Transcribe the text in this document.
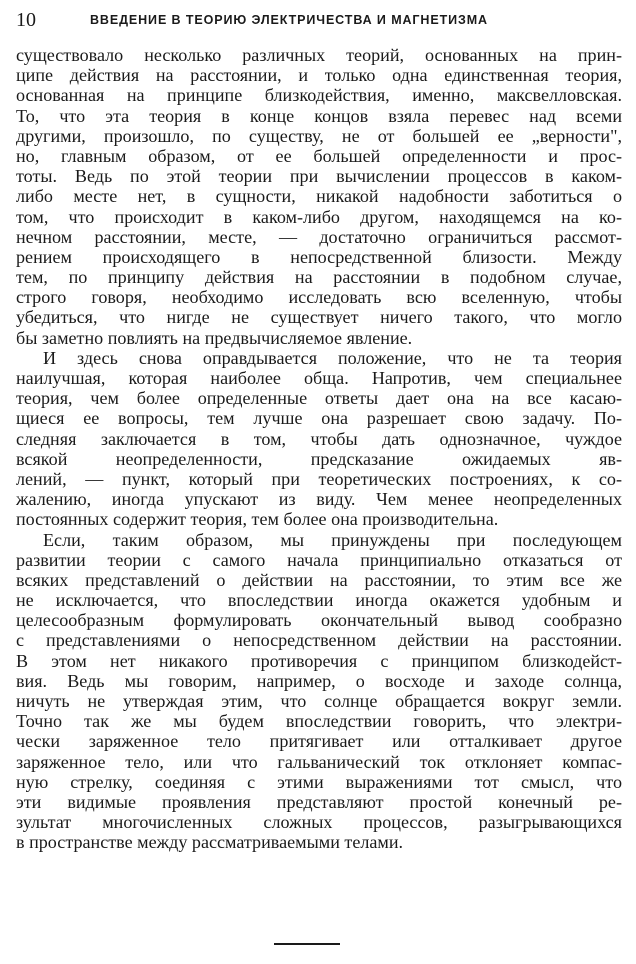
10	ВВЕДЕНИЕ В ТЕОРИЮ ЭЛЕКТРИЧЕСТВА И МАГНЕТИЗМА
существовало несколько различных теорий, основанных на прин-
ципе действия на расстоянии, и только одна единственная теория,
основанная на принципе близкодействия, именно, максвелловская.
То, что эта теория в конце концов взяла перевес над всеми
другими, произошло, по существу, не от большей ее „верности",
но, главным образом, от ее большей определенности и прос-
тоты. Ведь по этой теории при вычислении процессов в каком-
либо месте нет, в сущности, никакой надобности заботиться о
том, что происходит в каком-либо другом, находящемся на ко-
нечном расстоянии, месте, — достаточно ограничиться рассмот-
рением происходящего в непосредственной близости. Между
тем, по принципу действия на расстоянии в подобном случае,
строго говоря, необходимо исследовать всю вселенную, чтобы
убедиться, что нигде не существует ничего такого, что могло
бы заметно повлиять на предвычисляемое явление.
И здесь снова оправдывается положение, что не та теория
наилучшая, которая наиболее обща. Напротив, чем специальнее
теория, чем более определенные ответы дает она на все касаю-
щиеся ее вопросы, тем лучше она разрешает свою задачу. По-
следняя заключается в том, чтобы дать однозначное, чуждое
всякой неопределенности, предсказание ожидаемых яв-
лений, — пункт, который при теоретических построениях, к со-
жалению, иногда упускают из виду. Чем менее неопределенных
постоянных содержит теория, тем более она производительна.
Если, таким образом, мы принуждены при последующем
развитии теории с самого начала принципиально отказаться от
всяких представлений о действии на расстоянии, то этим все же
не исключается, что впоследствии иногда окажется удобным и
целесообразным формулировать окончательный вывод сообразно
с представлениями о непосредственном действии на расстоянии.
В этом нет никакого противоречия с принципом близкодейст-
вия. Ведь мы говорим, например, о восходе и заходе солнца,
ничуть не утверждая этим, что солнце обращается вокруг земли.
Точно так же мы будем впоследствии говорить, что электри-
чески заряженное тело притягивает или отталкивает другое
заряженное тело, или что гальванический ток отклоняет компас-
ную стрелку, соединяя с этими выражениями тот смысл, что
эти видимые проявления представляют простой конечный ре-
зультат многочисленных сложных процессов, разыгрывающихся
в пространстве между рассматриваемыми телами.
